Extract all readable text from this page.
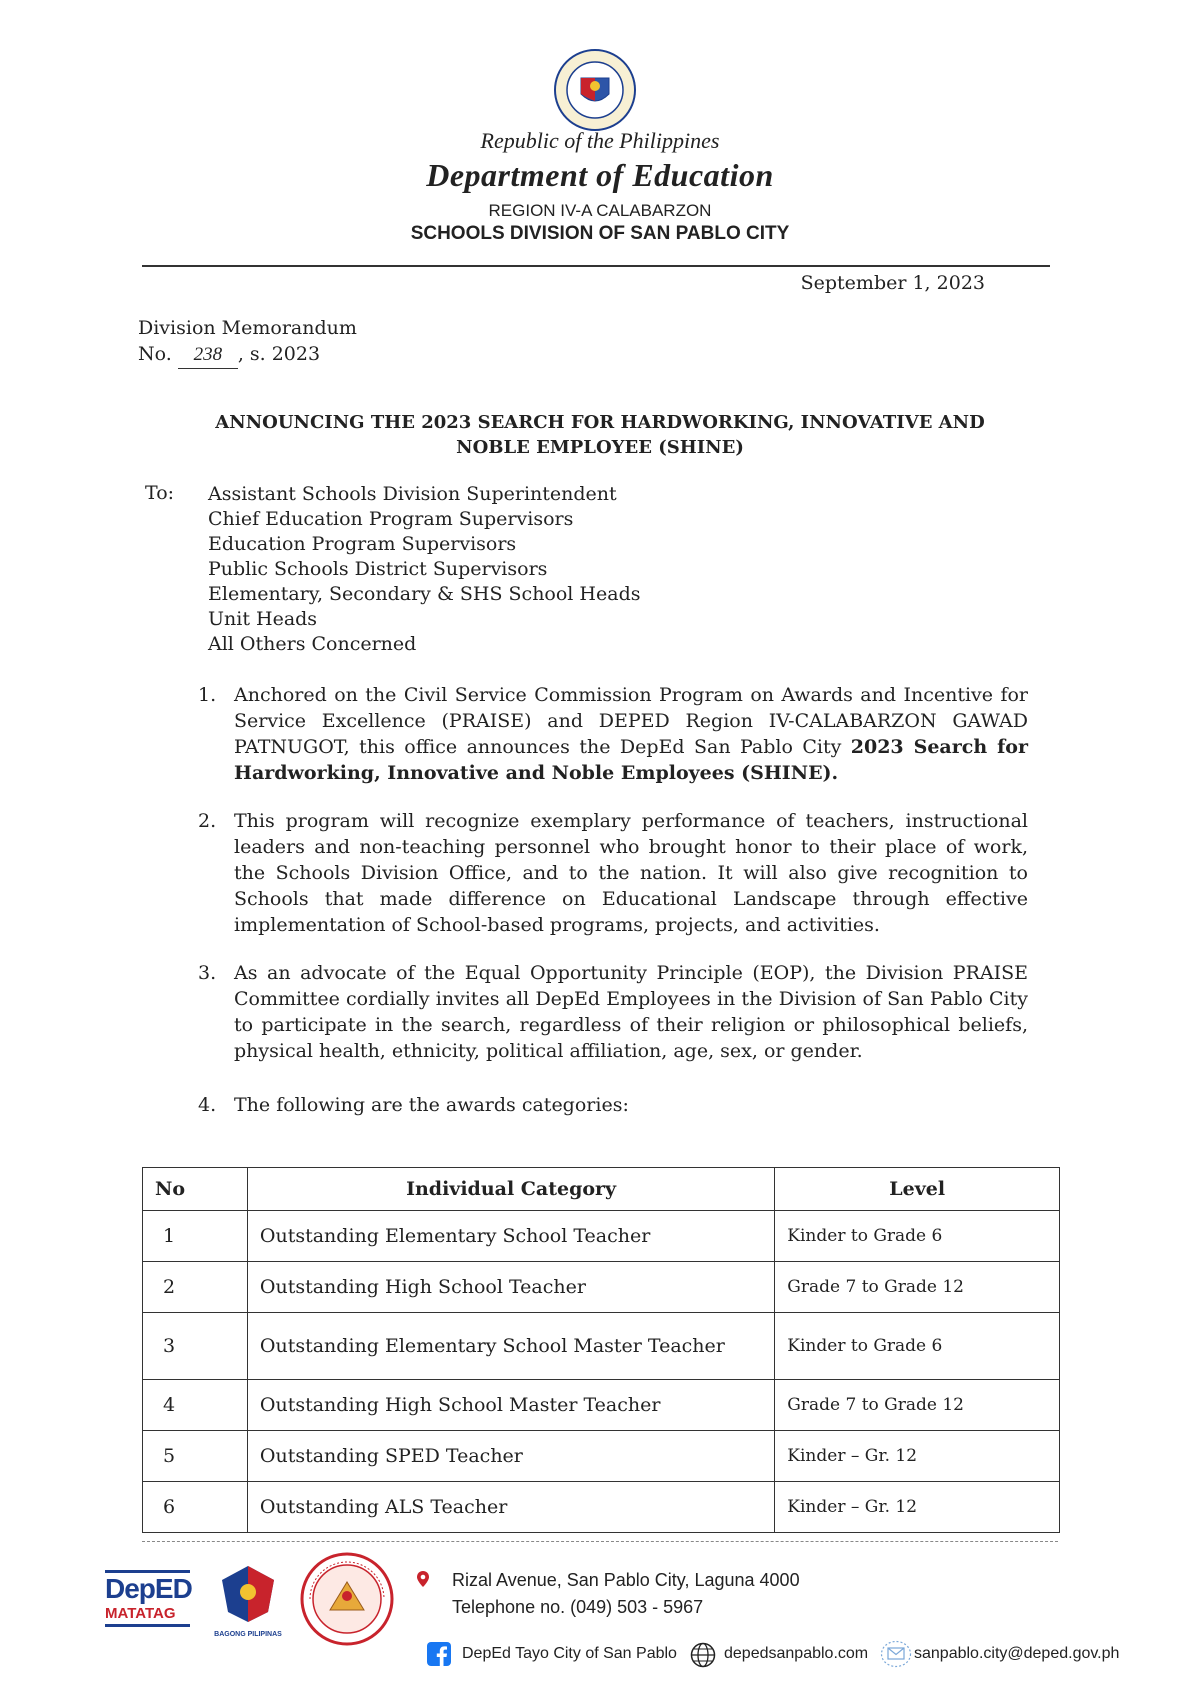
Republic of the Philippines
Department of Education
REGION IV-A CALABARZON
SCHOOLS DIVISION OF SAN PABLO CITY
September 1, 2023
Division Memorandum
No. 238 , s. 2023
ANNOUNCING THE 2023 SEARCH FOR HARDWORKING, INNOVATIVE AND NOBLE EMPLOYEE (SHINE)
To: Assistant Schools Division Superintendent
Chief Education Program Supervisors
Education Program Supervisors
Public Schools District Supervisors
Elementary, Secondary & SHS School Heads
Unit Heads
All Others Concerned
1. Anchored on the Civil Service Commission Program on Awards and Incentive for Service Excellence (PRAISE) and DEPED Region IV-CALABARZON GAWAD PATNUGOT, this office announces the DepEd San Pablo City 2023 Search for Hardworking, Innovative and Noble Employees (SHINE).
2. This program will recognize exemplary performance of teachers, instructional leaders and non-teaching personnel who brought honor to their place of work, the Schools Division Office, and to the nation. It will also give recognition to Schools that made difference on Educational Landscape through effective implementation of School-based programs, projects, and activities.
3. As an advocate of the Equal Opportunity Principle (EOP), the Division PRAISE Committee cordially invites all DepEd Employees in the Division of San Pablo City to participate in the search, regardless of their religion or philosophical beliefs, physical health, ethnicity, political affiliation, age, sex, or gender.
4. The following are the awards categories:
No	Individual Category	Level
1	Outstanding Elementary School Teacher	Kinder to Grade 6
2	Outstanding High School Teacher	Grade 7 to Grade 12
3	Outstanding Elementary School Master Teacher	Kinder to Grade 6
4	Outstanding High School Master Teacher	Grade 7 to Grade 12
5	Outstanding SPED Teacher	Kinder – Gr. 12
6	Outstanding ALS Teacher	Kinder – Gr. 12
DepED
MATATAG
BAGONG PILIPINAS
Rizal Avenue, San Pablo City, Laguna 4000
Telephone no. (049) 503 - 5967
DepEd Tayo City of San Pablo	depedsanpablo.com	sanpablo.city@deped.gov.ph
